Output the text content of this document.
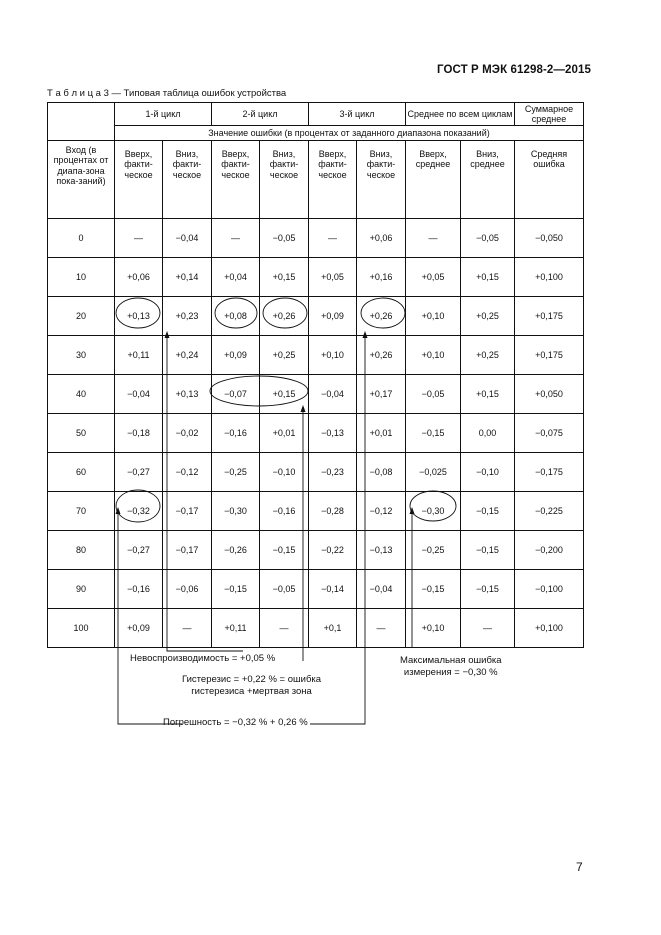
ГОСТ Р МЭК 61298-2—2015
Т а б л и ц а 3 — Типовая таблица ошибок устройства
	1-й цикл		2-й цикл		3-й цикл		Среднее по всем циклам		Суммарное среднее
	Значение ошибки (в процентах от заданного диапазона показаний)								
Вход (в процентах от диапа-зона пока-заний)	Вверх, факти-ческое	Вниз, факти-ческое	Вверх, факти-ческое	Вниз, факти-ческое	Вверх, факти-ческое	Вниз, факти-ческое	Вверх, среднее	Вниз, среднее	Средняя ошибка
0	—	−0,04	—	−0,05	—	+0,06	—	−0,05	−0,050
10	+0,06	+0,14	+0,04	+0,15	+0,05	+0,16	+0,05	+0,15	+0,100
20	+0,13	+0,23	+0,08	+0,26	+0,09	+0,26	+0,10	+0,25	+0,175
30	+0,11	+0,24	+0,09	+0,25	+0,10	+0,26	+0,10	+0,25	+0,175
40	−0,04	+0,13	−0,07	+0,15	−0,04	+0,17	−0,05	+0,15	+0,050
50	−0,18	−0,02	−0,16	+0,01	−0,13	+0,01	−0,15	0,00	−0,075
60	−0,27	−0,12	−0,25	−0,10	−0,23	−0,08	−0,025	−0,10	−0,175
70	−0,32	−0,17	−0,30	−0,16	−0,28	−0,12	−0,30	−0,15	−0,225
80	−0,27	−0,17	−0,26	−0,15	−0,22	−0,13	−0,25	−0,15	−0,200
90	−0,16	−0,06	−0,15	−0,05	−0,14	−0,04	−0,15	−0,15	−0,100
100	+0,09	—	+0,11	—	+0,1	—	+0,10	—	+0,100
Невоспроизводимость = +0,05 %
Гистерезис = +0,22 % = ошибка
гистерезиса +мертвая зона
Максимальная ошибка
измерения = −0,30 %
Погрешность = −0,32 % + 0,26 %
7
